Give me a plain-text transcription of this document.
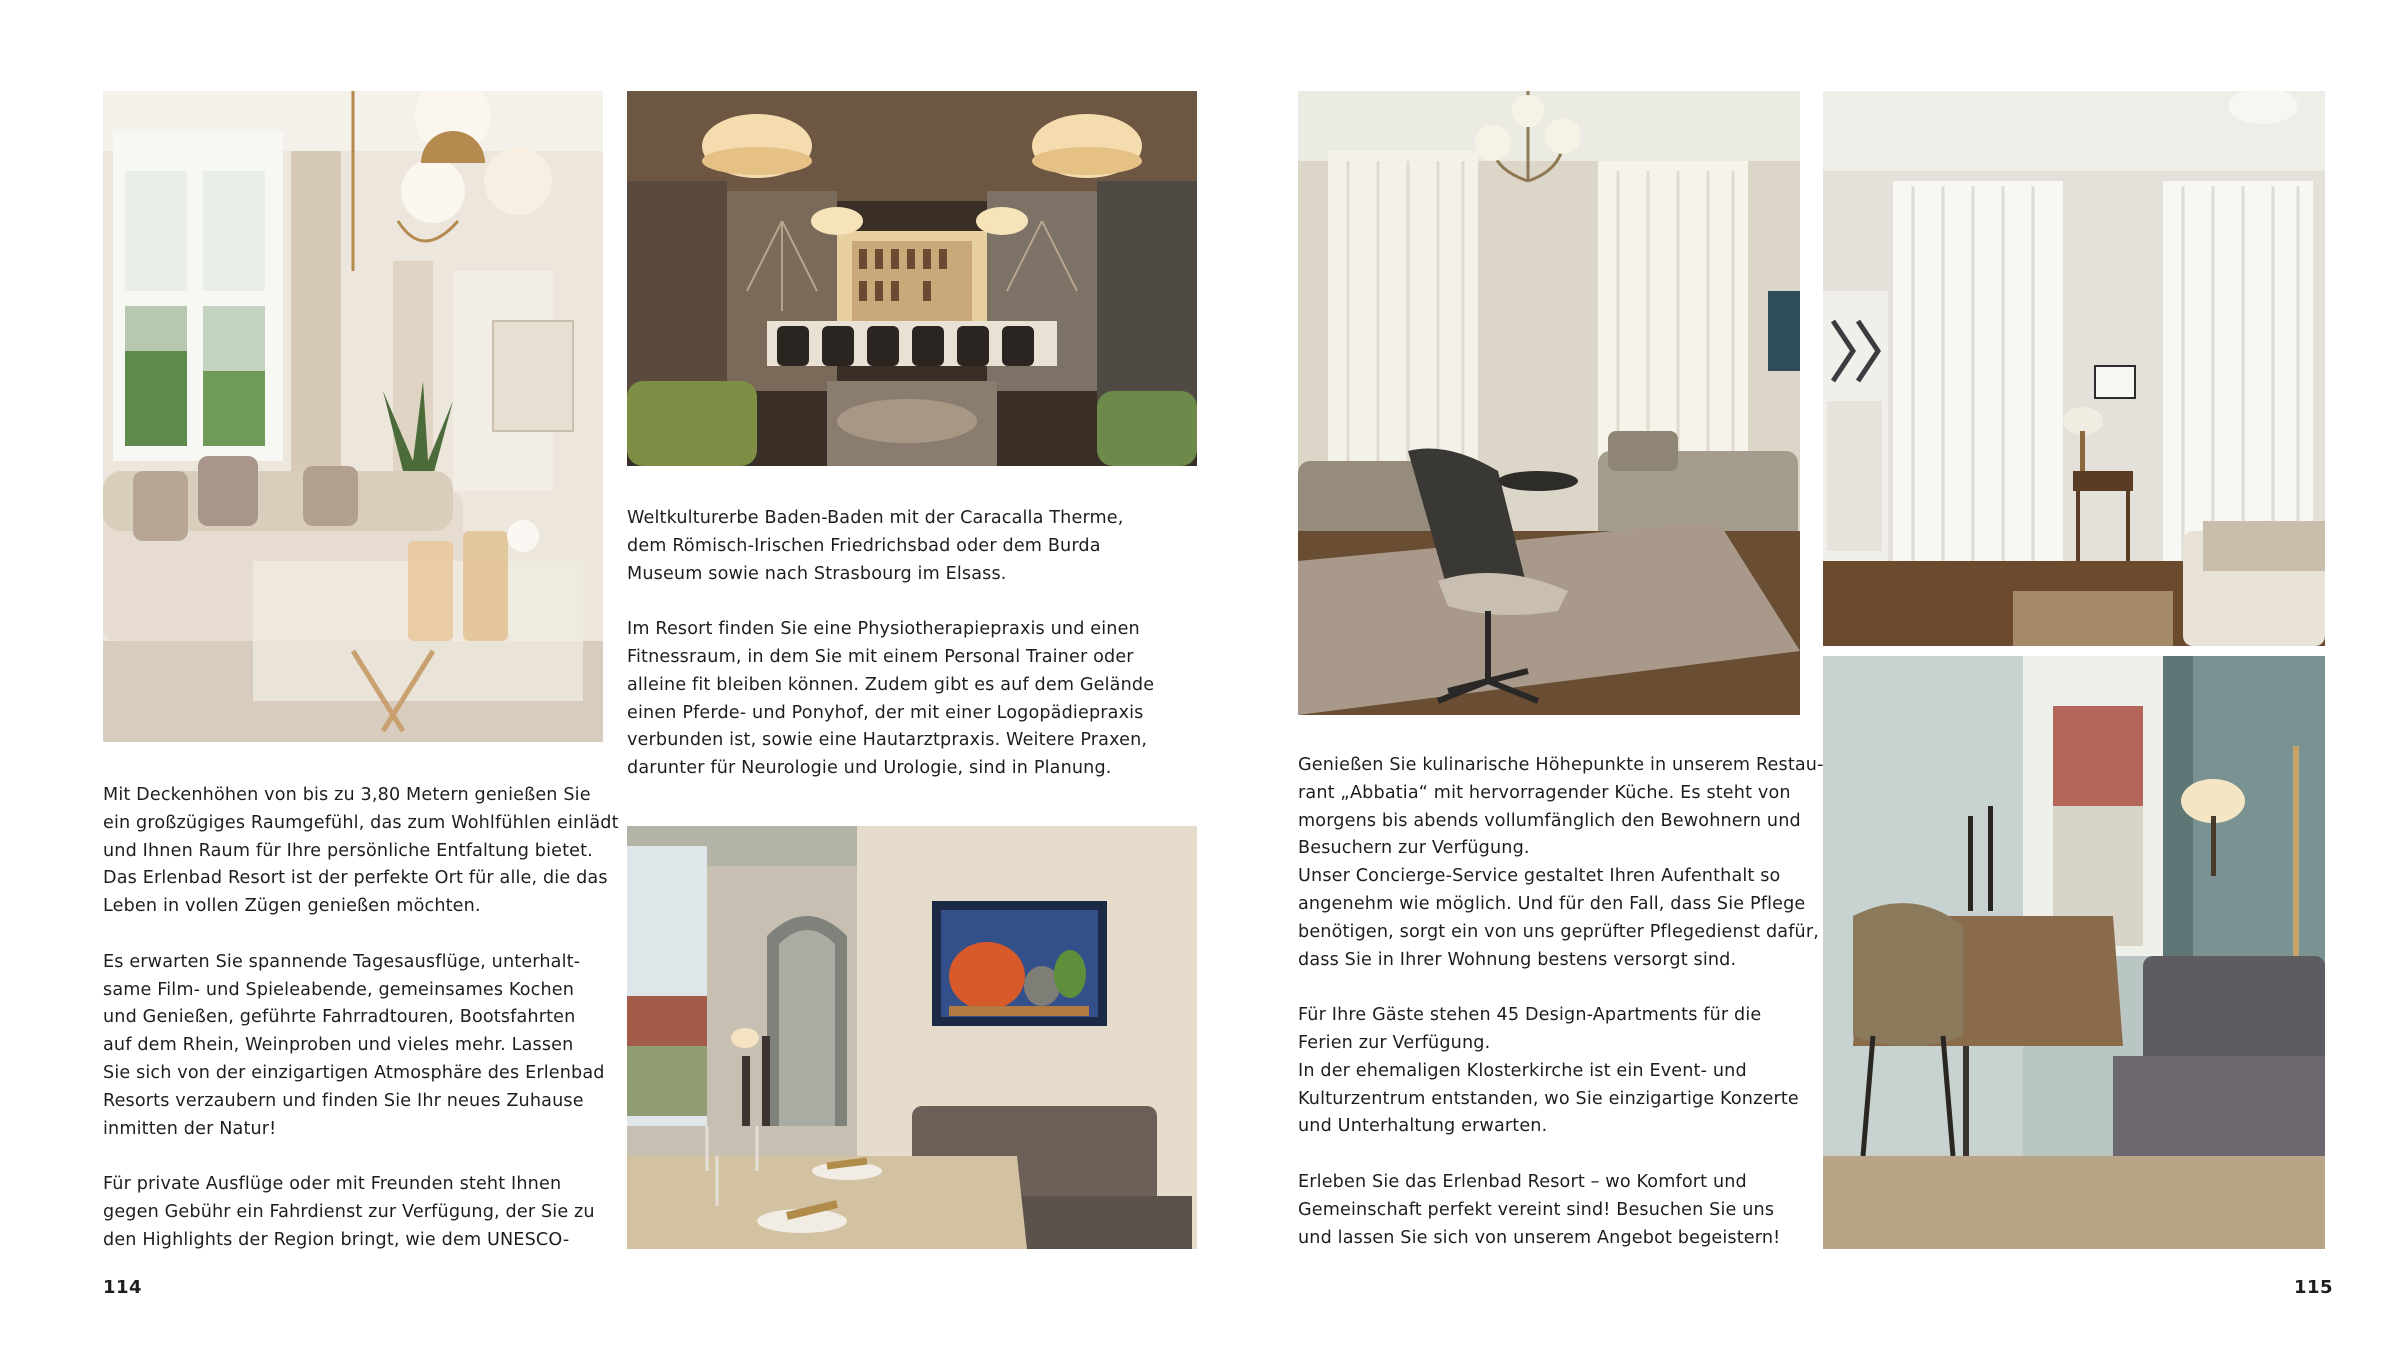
Mit Deckenhöhen von bis zu 3,80 Metern genießen Sie
ein großzügiges Raumgefühl, das zum Wohlfühlen einlädt
und Ihnen Raum für Ihre persönliche Entfaltung bietet.
Das Erlenbad Resort ist der perfekte Ort für alle, die das
Leben in vollen Zügen genießen möchten.

Es erwarten Sie spannende Tagesausflüge, unterhalt-
same Film- und Spieleabende, gemeinsames Kochen
und Genießen, geführte Fahrradtouren, Bootsfahrten
auf dem Rhein, Weinproben und vieles mehr. Lassen
Sie sich von der einzigartigen Atmosphäre des Erlenbad
Resorts verzaubern und finden Sie Ihr neues Zuhause
inmitten der Natur!

Für private Ausflüge oder mit Freunden steht Ihnen
gegen Gebühr ein Fahrdienst zur Verfügung, der Sie zu
den Highlights der Region bringt, wie dem UNESCO-

Weltkulturerbe Baden-Baden mit der Caracalla Therme,
dem Römisch-Irischen Friedrichsbad oder dem Burda
Museum sowie nach Strasbourg im Elsass.

Im Resort finden Sie eine Physiotherapiepraxis und einen
Fitnessraum, in dem Sie mit einem Personal Trainer oder
alleine fit bleiben können. Zudem gibt es auf dem Gelände
einen Pferde- und Ponyhof, der mit einer Logopädiepraxis
verbunden ist, sowie eine Hautarztpraxis. Weitere Praxen,
darunter für Neurologie und Urologie, sind in Planung.

114

Genießen Sie kulinarische Höhepunkte in unserem Restau-
rant „Abbatia“ mit hervorragender Küche. Es steht von
morgens bis abends vollumfänglich den Bewohnern und
Besuchern zur Verfügung.
Unser Concierge-Service gestaltet Ihren Aufenthalt so
angenehm wie möglich. Und für den Fall, dass Sie Pflege
benötigen, sorgt ein von uns geprüfter Pflegedienst dafür,
dass Sie in Ihrer Wohnung bestens versorgt sind.

Für Ihre Gäste stehen 45 Design-Apartments für die
Ferien zur Verfügung.
In der ehemaligen Klosterkirche ist ein Event- und
Kulturzentrum entstanden, wo Sie einzigartige Konzerte
und Unterhaltung erwarten.

Erleben Sie das Erlenbad Resort – wo Komfort und
Gemeinschaft perfekt vereint sind! Besuchen Sie uns
und lassen Sie sich von unserem Angebot begeistern!

115
